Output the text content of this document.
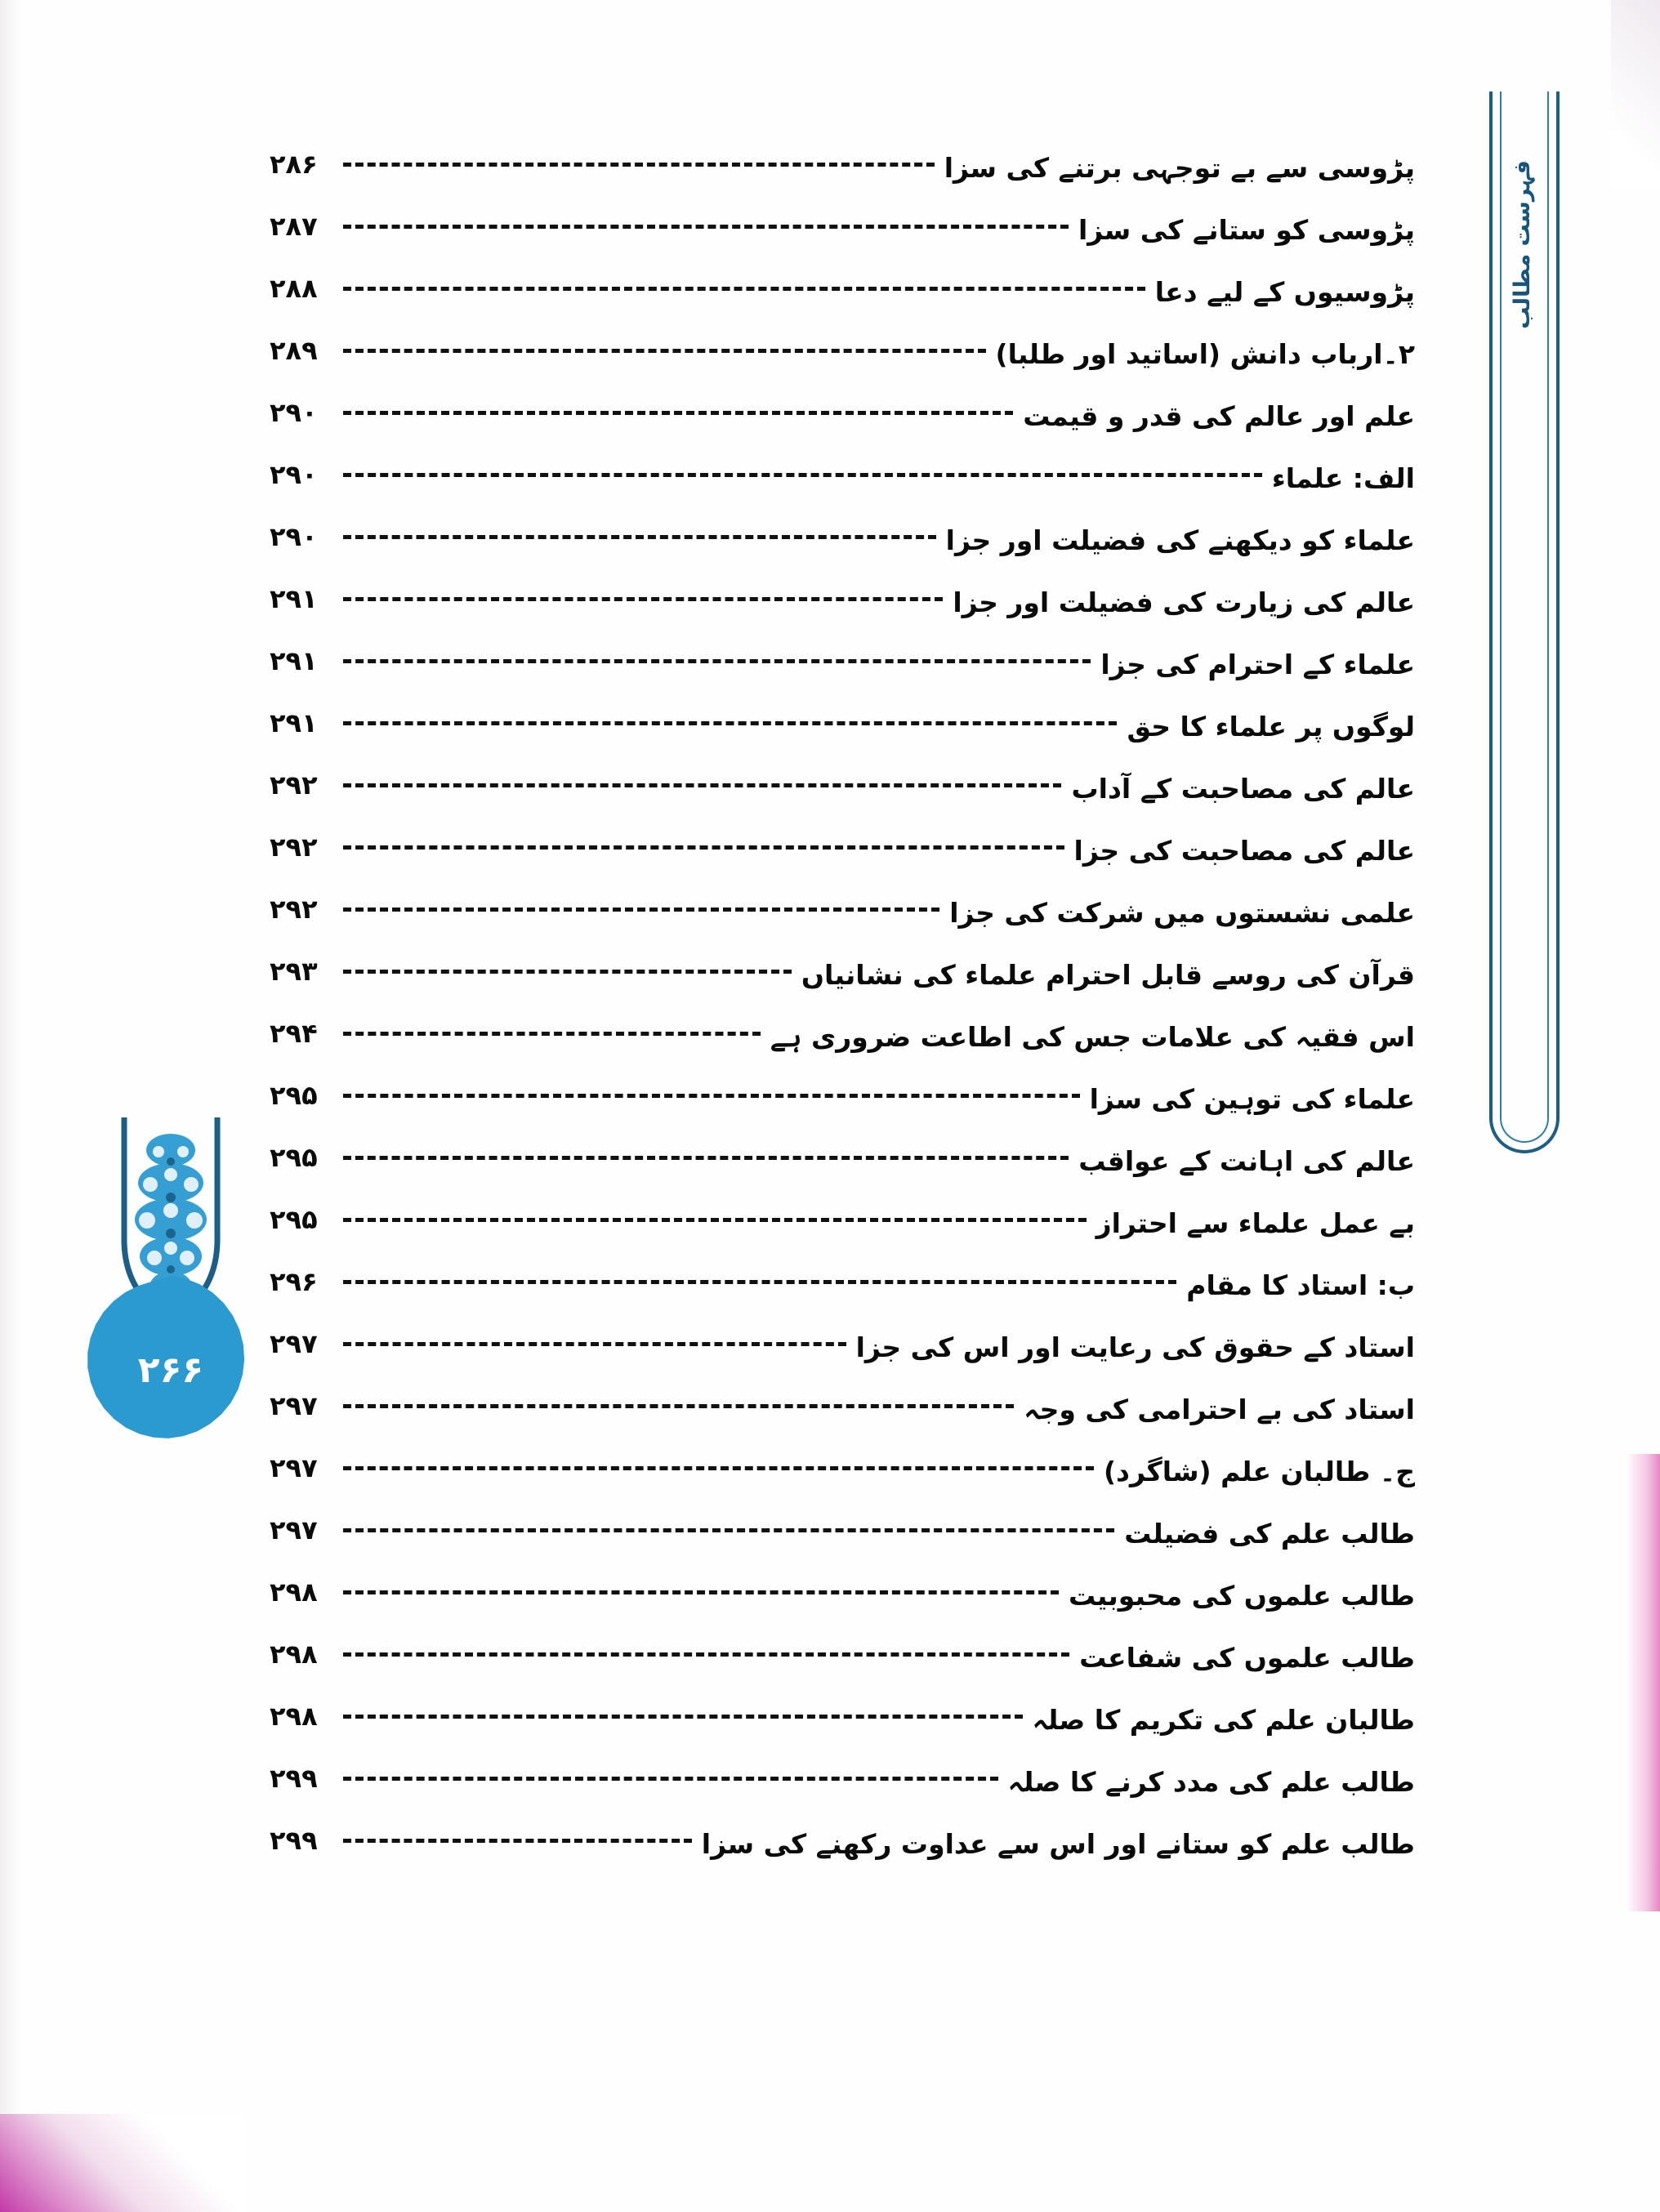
پڑوسی سے بے توجہی برتنے کی سزا
۲۸۶
پڑوسی کو ستانے کی سزا
۲۸۷
پڑوسیوں کے لیے دعا
۲۸۸
۲۔ارباب دانش (اساتید اور طلبا)
۲۸۹
علم اور عالم کی قدر و قیمت
۲۹۰
الف: علماء
۲۹۰
علماء کو دیکھنے کی فضیلت اور جزا
۲۹۰
عالم کی زیارت کی فضیلت اور جزا
۲۹۱
علماء کے احترام کی جزا
۲۹۱
لوگوں پر علماء کا حق
۲۹۱
عالم کی مصاحبت کے آداب
۲۹۲
عالم کی مصاحبت کی جزا
۲۹۲
علمی نشستوں میں شرکت کی جزا
۲۹۲
قرآن کی روسے قابل احترام علماء کی نشانیاں
۲۹۳
اس فقیہ کی علامات جس کی اطاعت ضروری ہے
۲۹۴
علماء کی توہین کی سزا
۲۹۵
عالم کی اہانت کے عواقب
۲۹۵
بے عمل علماء سے احتراز
۲۹۵
ب: استاد کا مقام
۲۹۶
استاد کے حقوق کی رعایت اور اس کی جزا
۲۹۷
استاد کی بے احترامی کی وجہ
۲۹۷
ج۔ طالبان علم (شاگرد)
۲۹۷
طالب علم کی فضیلت
۲۹۷
طالب علموں کی محبوبیت
۲۹۸
طالب علموں کی شفاعت
۲۹۸
طالبان علم کی تکریم کا صلہ
۲۹۸
طالب علم کی مدد کرنے کا صلہ
۲۹۹
طالب علم کو ستانے اور اس سے عداوت رکھنے کی سزا
۲۹۹
فہرست مطالب
۲۶۶
